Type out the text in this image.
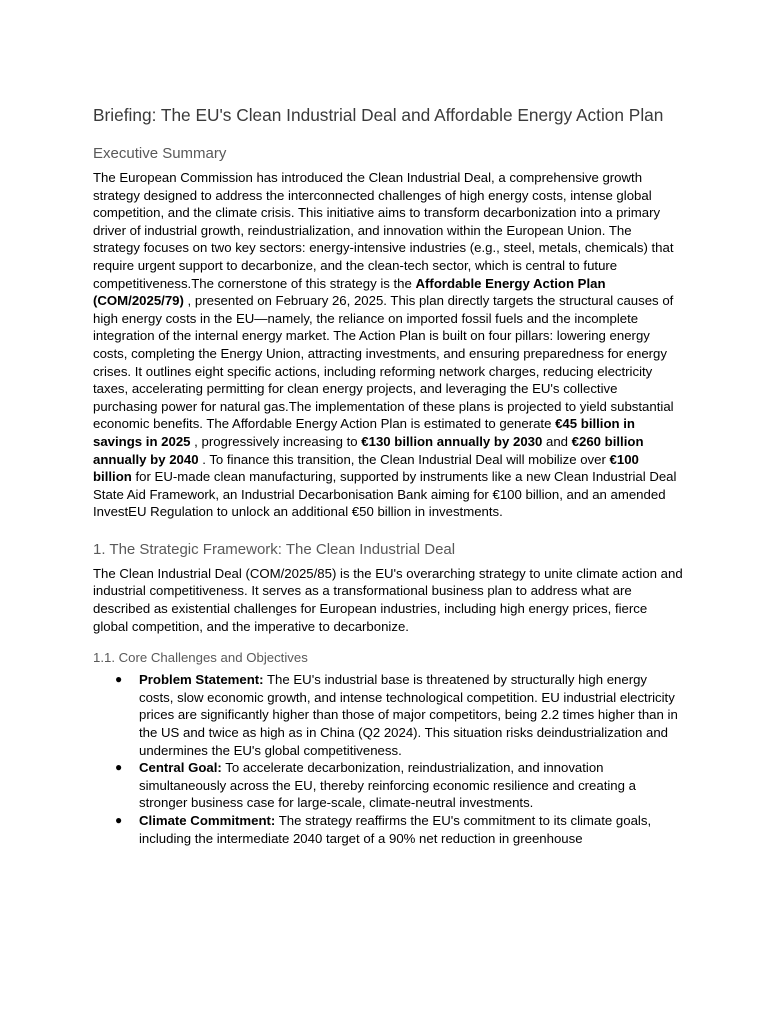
Briefing: The EU's Clean Industrial Deal and Affordable Energy Action Plan
Executive Summary

The European Commission has introduced the Clean Industrial Deal, a comprehensive growth strategy designed to address the interconnected challenges of high energy costs, intense global competition, and the climate crisis. This initiative aims to transform decarbonization into a primary driver of industrial growth, reindustrialization, and innovation within the European Union. The strategy focuses on two key sectors: energy-intensive industries (e.g., steel, metals, chemicals) that require urgent support to decarbonize, and the clean-tech sector, which is central to future competitiveness.The cornerstone of this strategy is the Affordable Energy Action Plan (COM/2025/79) , presented on February 26, 2025. This plan directly targets the structural causes of high energy costs in the EU—namely, the reliance on imported fossil fuels and the incomplete integration of the internal energy market. The Action Plan is built on four pillars: lowering energy costs, completing the Energy Union, attracting investments, and ensuring preparedness for energy crises. It outlines eight specific actions, including reforming network charges, reducing electricity taxes, accelerating permitting for clean energy projects, and leveraging the EU's collective purchasing power for natural gas.The implementation of these plans is projected to yield substantial economic benefits. The Affordable Energy Action Plan is estimated to generate €45 billion in savings in 2025 , progressively increasing to €130 billion annually by 2030 and €260 billion annually by 2040 . To finance this transition, the Clean Industrial Deal will mobilize over €100 billion for EU-made clean manufacturing, supported by instruments like a new Clean Industrial Deal State Aid Framework, an Industrial Decarbonisation Bank aiming for €100 billion, and an amended InvestEU Regulation to unlock an additional €50 billion in investments.

1. The Strategic Framework: The Clean Industrial Deal

The Clean Industrial Deal (COM/2025/85) is the EU's overarching strategy to unite climate action and industrial competitiveness. It serves as a transformational business plan to address what are described as existential challenges for European industries, including high energy prices, fierce global competition, and the imperative to decarbonize.

1.1. Core Challenges and Objectives
● Problem Statement: The EU's industrial base is threatened by structurally high energy costs, slow economic growth, and intense technological competition. EU industrial electricity prices are significantly higher than those of major competitors, being 2.2 times higher than in the US and twice as high as in China (Q2 2024). This situation risks deindustrialization and undermines the EU's global competitiveness.
● Central Goal: To accelerate decarbonization, reindustrialization, and innovation simultaneously across the EU, thereby reinforcing economic resilience and creating a stronger business case for large-scale, climate-neutral investments.
● Climate Commitment: The strategy reaffirms the EU's commitment to its climate goals, including the intermediate 2040 target of a 90% net reduction in greenhouse
